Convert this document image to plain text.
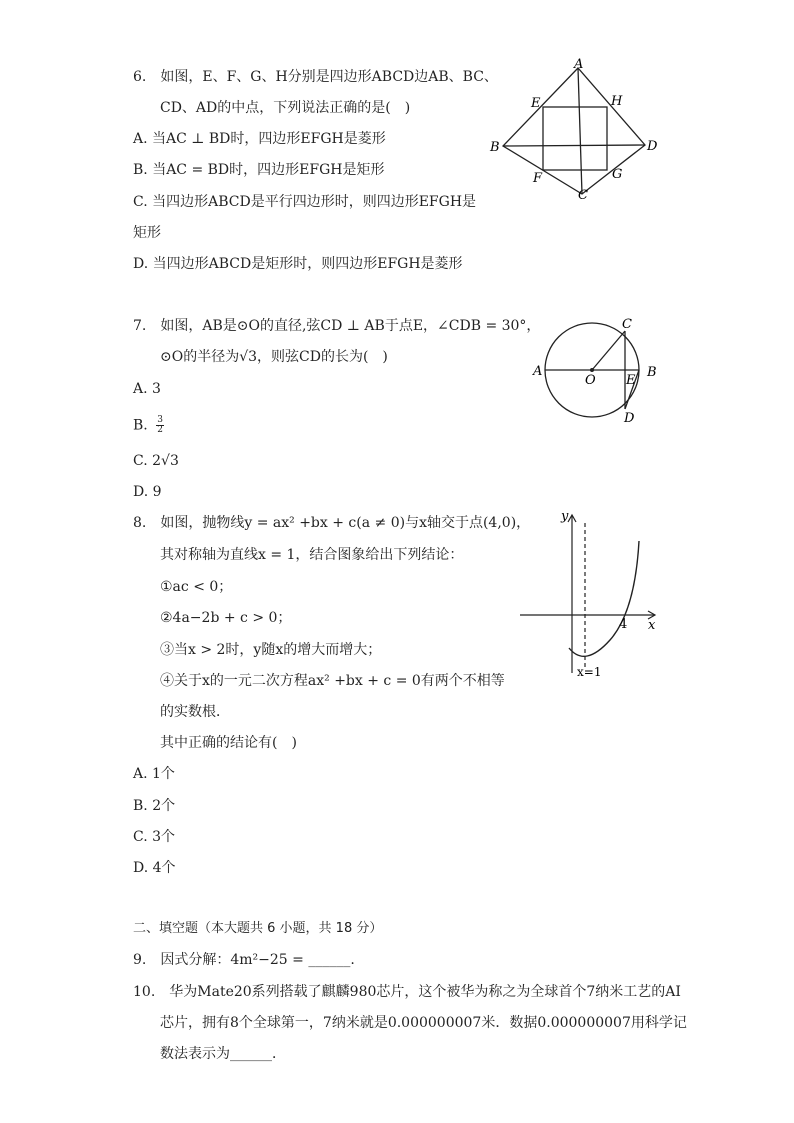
6.　如图，E、F、G、H分别是四边形ABCD边AB、BC、
CD、AD的中点，下列说法正确的是(　)
A. 当AC ⊥ BD时，四边形EFGH是菱形
B. 当AC = BD时，四边形EFGH是矩形
C. 当四边形ABCD是平行四边形时，则四边形EFGH是
矩形
D. 当四边形ABCD是矩形时，则四边形EFGH是菱形
A
B
C
D
E
F	G
H
7.　如图，AB是⊙O的直径,弦CD ⊥ AB于点E，∠CDB = 30°，
⊙O的半径为√3，则弦CD的长为(　)
A. 3
B. $\frac{3}{2}$
C. 2√3
D. 9
A	B
C
D
O E
8.　如图，抛物线y = ax² +bx + c(a ≠ 0)与x轴交于点(4,0)，
其对称轴为直线x = 1，结合图象给出下列结论：
①ac < 0；
②4a−2b + c > 0；
③当x > 2时，y随x的增大而增大；
④关于x的一元二次方程ax² +bx + c = 0有两个不相等
的实数根．
其中正确的结论有(　)
A. 1个
B. 2个
C. 3个
D. 4个
y
x
4
x=1
二、填空题（本大题共 6 小题，共 18 分）
9.　因式分解：4m²−25 = ______.
10.　华为Mate20系列搭载了麒麟980芯片，这个被华为称之为全球首个7纳米工艺的AI
芯片，拥有8个全球第一，7纳米就是0.000000007米．数据0.000000007用科学记
数法表示为______．
